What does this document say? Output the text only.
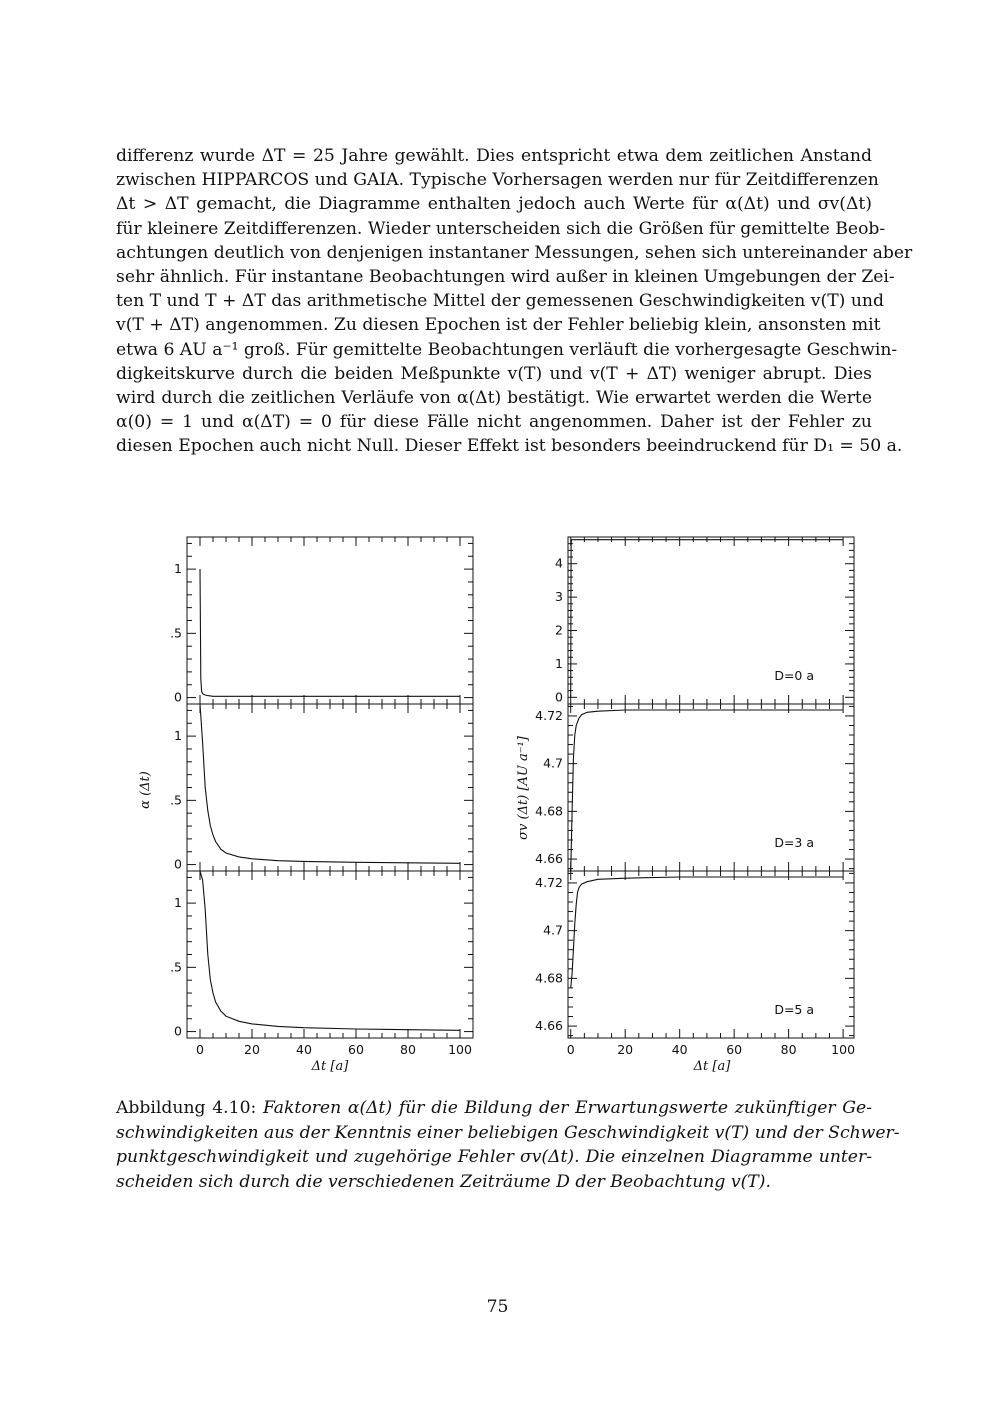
differenz wurde ΔT = 25 Jahre gewählt. Dies entspricht etwa dem zeitlichen Anstand
zwischen HIPPARCOS und GAIA. Typische Vorhersagen werden nur für Zeitdifferenzen
Δt > ΔT gemacht, die Diagramme enthalten jedoch auch Werte für α(Δt) und σv(Δt)
für kleinere Zeitdifferenzen. Wieder unterscheiden sich die Größen für gemittelte Beob-
achtungen deutlich von denjenigen instantaner Messungen, sehen sich untereinander aber
sehr ähnlich. Für instantane Beobachtungen wird außer in kleinen Umgebungen der Zei-
ten T und T + ΔT das arithmetische Mittel der gemessenen Geschwindigkeiten v(T) und
v(T + ΔT) angenommen. Zu diesen Epochen ist der Fehler beliebig klein, ansonsten mit
etwa 6 AU a⁻¹ groß. Für gemittelte Beobachtungen verläuft die vorhergesagte Geschwin-
digkeitskurve durch die beiden Meßpunkte v(T) und v(T + ΔT) weniger abrupt. Dies
wird durch die zeitlichen Verläufe von α(Δt) bestätigt. Wie erwartet werden die Werte
α(0) = 1 und α(ΔT) = 0 für diese Fälle nicht angenommen. Daher ist der Fehler zu
diesen Epochen auch nicht Null. Dieser Effekt ist besonders beeindruckend für D₁ = 50 a.
α (Δt)	σv (Δt) [AU a⁻¹]
Δt [a]	Δt [a]
0
.5
1
0
.5
1
0	20	40	60	80	100
0
.5
1
0
1
2
3
4
D=0 a
4.66
4.68
4.7
4.72
D=3 a
0	20	40	60	80	100
4.66
4.68
4.7
4.72
D=5 a
Abbildung 4.10: Faktoren α(Δt) für die Bildung der Erwartungswerte zukünftiger Ge-
schwindigkeiten aus der Kenntnis einer beliebigen Geschwindigkeit v(T) und der Schwer-
punktgeschwindigkeit und zugehörige Fehler σv(Δt). Die einzelnen Diagramme unter-
scheiden sich durch die verschiedenen Zeiträume D der Beobachtung v(T).
75
